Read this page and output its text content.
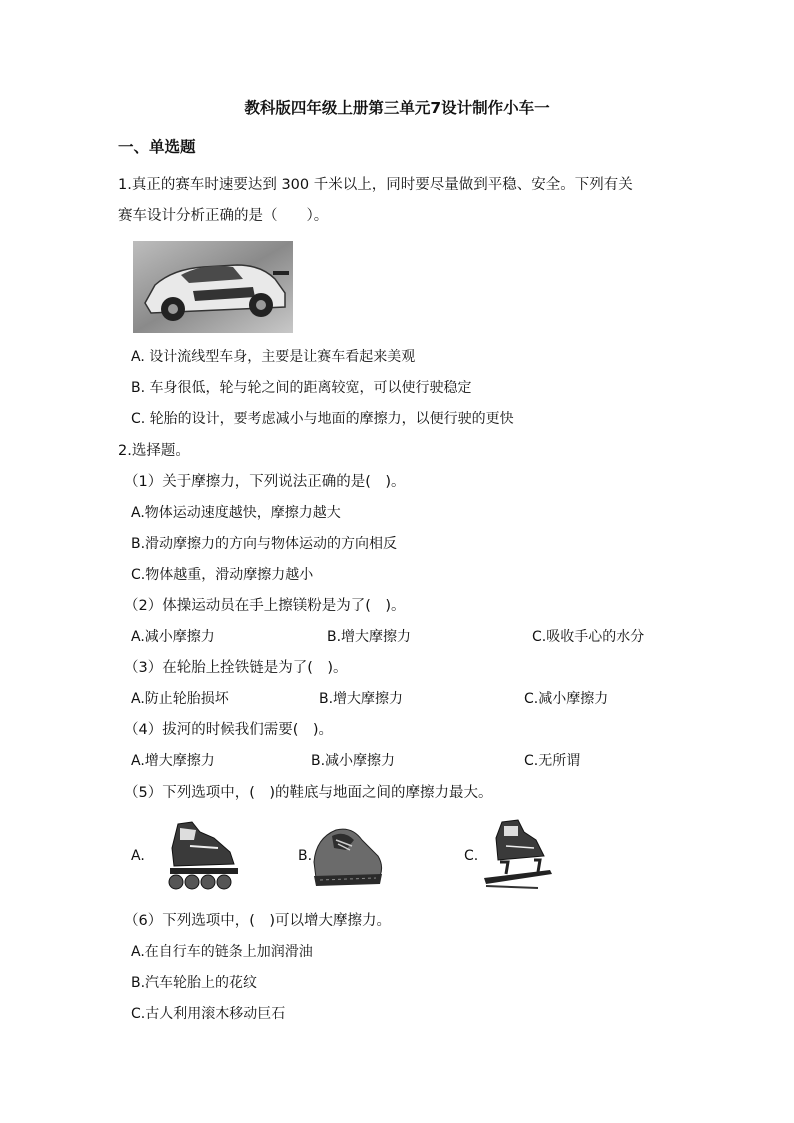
教科版四年级上册第三单元7设计制作小车一
一、单选题
1.真正的赛车时速要达到 300 千米以上，同时要尽量做到平稳、安全。下列有关
赛车设计分析正确的是（　　）。
A. 设计流线型车身，主要是让赛车看起来美观
B. 车身很低，轮与轮之间的距离较宽，可以使行驶稳定
C. 轮胎的设计，要考虑减小与地面的摩擦力，以便行驶的更快
2.选择题。
（1）关于摩擦力，下列说法正确的是(　)。
A.物体运动速度越快，摩擦力越大
B.滑动摩擦力的方向与物体运动的方向相反
C.物体越重，滑动摩擦力越小
（2）体操运动员在手上擦镁粉是为了(　)。
A.减小摩擦力	B.增大摩擦力	C.吸收手心的水分
（3）在轮胎上拴铁链是为了(　)。
A.防止轮胎损坏	B.增大摩擦力	C.减小摩擦力
（4）拔河的时候我们需要(　)。
A.增大摩擦力	B.减小摩擦力	C.无所谓
（5）下列选项中，(　)的鞋底与地面之间的摩擦力最大。
A.	B.	C.
（6）下列选项中，(　)可以增大摩擦力。
A.在自行车的链条上加润滑油
B.汽车轮胎上的花纹
C.古人利用滚木移动巨石
